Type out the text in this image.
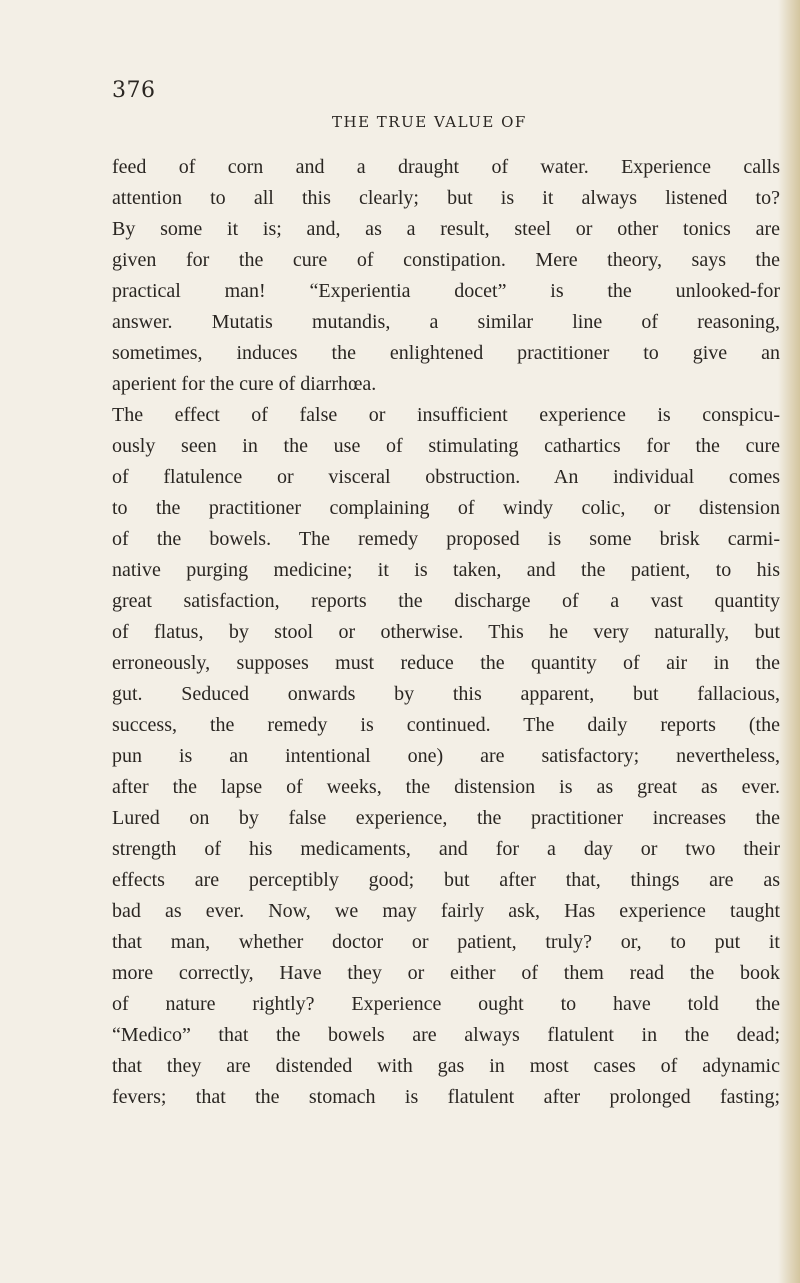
376
THE TRUE VALUE OF
feed of corn and a draught of water. Experience calls
attention to all this clearly; but is it always listened to?
By some it is; and, as a result, steel or other tonics are
given for the cure of constipation. Mere theory, says the
practical man! “Experientia docet” is the unlooked-for
answer. Mutatis mutandis, a similar line of reasoning,
sometimes, induces the enlightened practitioner to give an
aperient for the cure of diarrhœa.
The effect of false or insufficient experience is conspicu-
ously seen in the use of stimulating cathartics for the cure
of flatulence or visceral obstruction. An individual comes
to the practitioner complaining of windy colic, or distension
of the bowels. The remedy proposed is some brisk carmi-
native purging medicine; it is taken, and the patient, to his
great satisfaction, reports the discharge of a vast quantity
of flatus, by stool or otherwise. This he very naturally, but
erroneously, supposes must reduce the quantity of air in the
gut. Seduced onwards by this apparent, but fallacious,
success, the remedy is continued. The daily reports (the
pun is an intentional one) are satisfactory; nevertheless,
after the lapse of weeks, the distension is as great as ever.
Lured on by false experience, the practitioner increases the
strength of his medicaments, and for a day or two their
effects are perceptibly good; but after that, things are as
bad as ever. Now, we may fairly ask, Has experience taught
that man, whether doctor or patient, truly? or, to put it
more correctly, Have they or either of them read the book
of nature rightly? Experience ought to have told the
“Medico” that the bowels are always flatulent in the dead;
that they are distended with gas in most cases of adynamic
fevers; that the stomach is flatulent after prolonged fasting;
